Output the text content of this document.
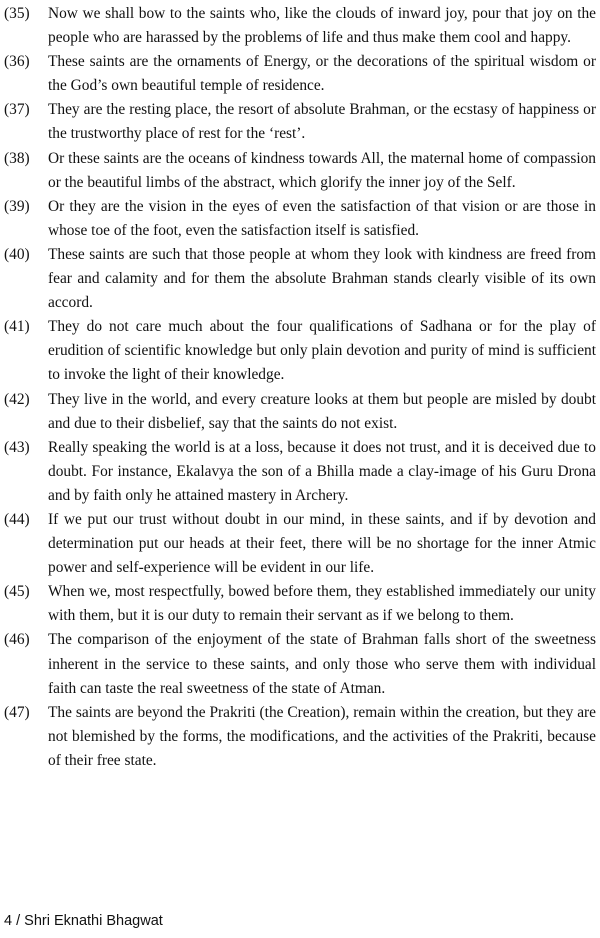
(35)	Now we shall bow to the saints who, like the clouds of inward joy, pour that joy on the people who are harassed by the problems of life and thus make them cool and happy.
(36)	These saints are the ornaments of Energy, or the decorations of the spiritual wisdom or the God’s own beautiful temple of residence.
(37)	They are the resting place, the resort of absolute Brahman, or the ecstasy of happiness or the trustworthy place of rest for the ‘rest’.
(38)	Or these saints are the oceans of kindness towards All, the maternal home of compassion or the beautiful limbs of the abstract, which glorify the inner joy of the Self.
(39)	Or they are the vision in the eyes of even the satisfaction of that vision or are those in whose toe of the foot, even the satisfaction itself is satisfied.
(40)	These saints are such that those people at whom they look with kindness are freed from fear and calamity and for them the absolute Brahman stands clearly visible of its own accord.
(41)	They do not care much about the four qualifications of Sadhana or for the play of erudition of scientific knowledge but only plain devotion and purity of mind is sufficient to invoke the light of their knowledge.
(42)	They live in the world, and every creature looks at them but people are misled by doubt and due to their disbelief, say that the saints do not exist.
(43)	Really speaking the world is at a loss, because it does not trust, and it is deceived due to doubt. For instance, Ekalavya the son of a Bhilla made a clay-image of his Guru Drona and by faith only he attained mastery in Archery.
(44)	If we put our trust without doubt in our mind, in these saints, and if by devotion and determination put our heads at their feet, there will be no shortage for the inner Atmic power and self-experience will be evident in our life.
(45)	When we, most respectfully, bowed before them, they established immediately our unity with them, but it is our duty to remain their servant as if we belong to them.
(46)	The comparison of the enjoyment of the state of Brahman falls short of the sweetness inherent in the service to these saints, and only those who serve them with individual faith can taste the real sweetness of the state of Atman.
(47)	The saints are beyond the Prakriti (the Creation), remain within the creation, but they are not blemished by the forms, the modifications, and the activities of the Prakriti, because of their free state.
4 / Shri Eknathi Bhagwat
